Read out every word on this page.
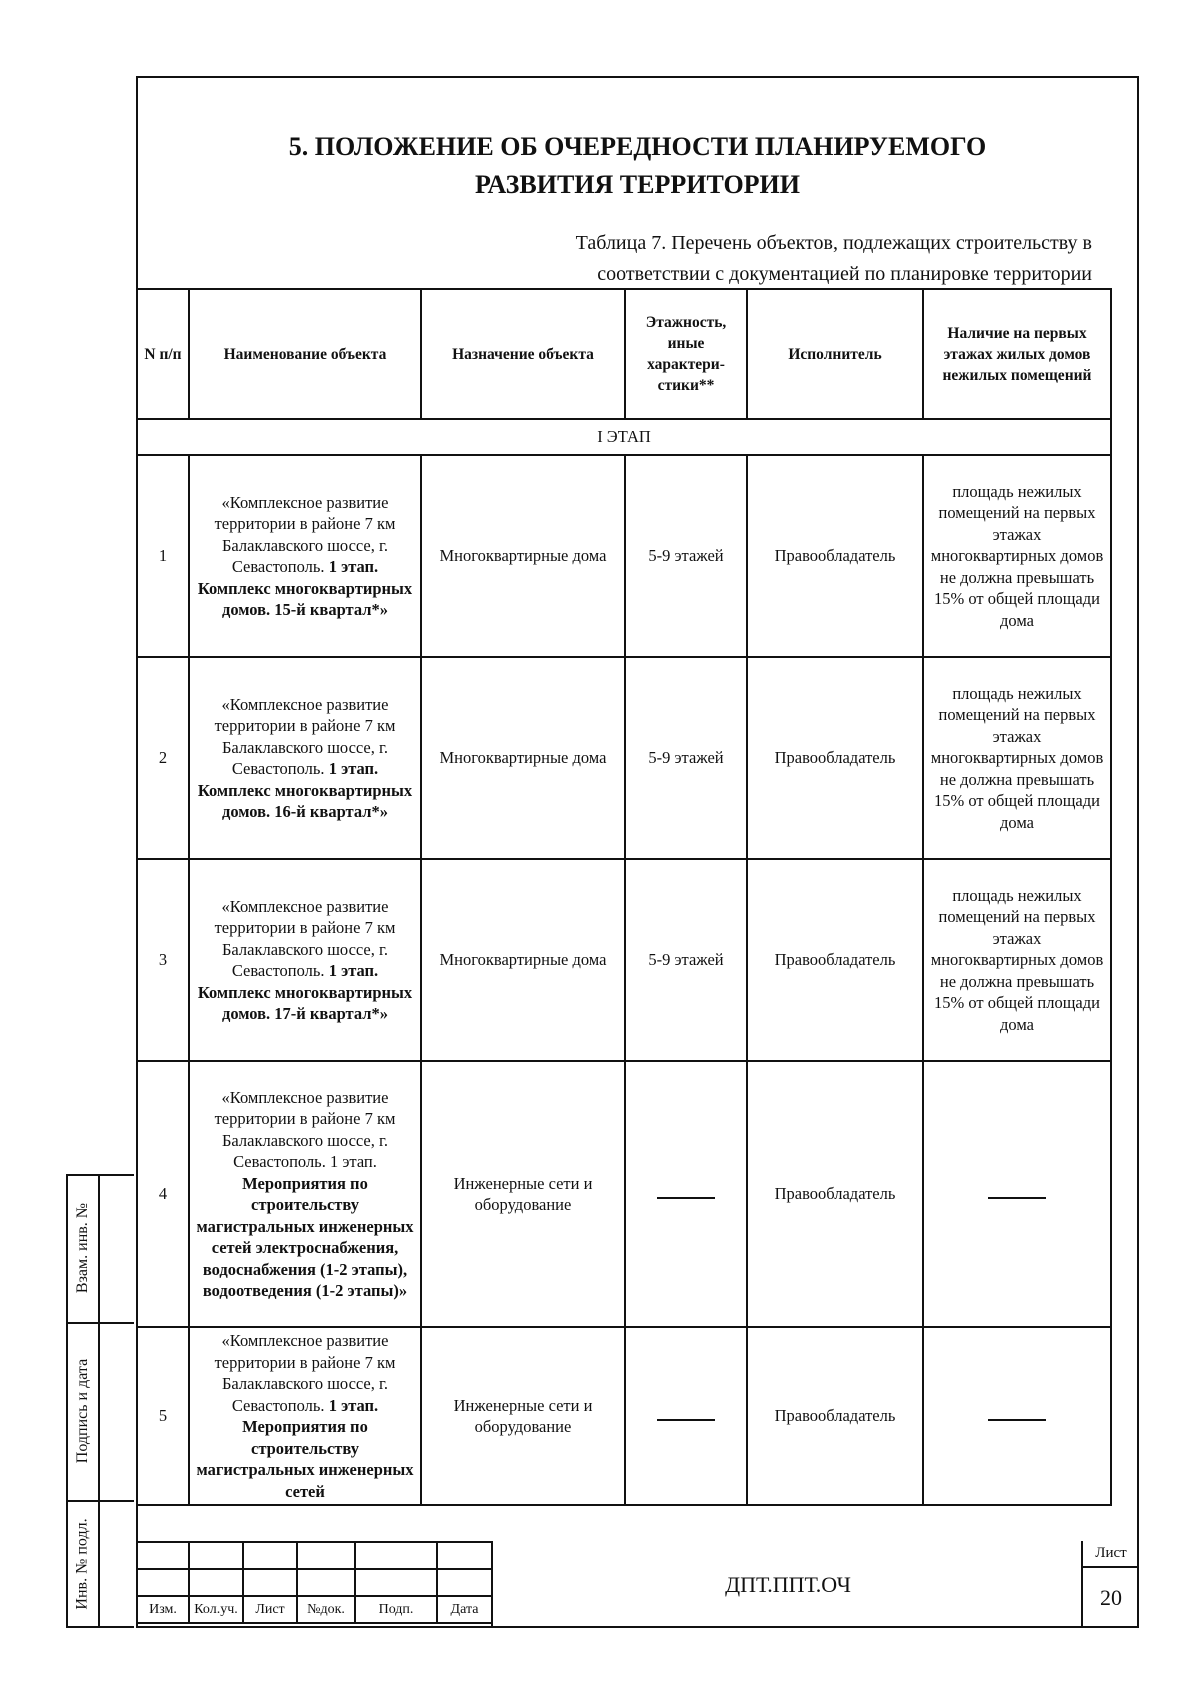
5. ПОЛОЖЕНИЕ ОБ ОЧЕРЕДНОСТИ ПЛАНИРУЕМОГО
РАЗВИТИЯ ТЕРРИТОРИИ
Таблица 7. Перечень объектов, подлежащих строительству в
соответствии с документацией по планировке территории
N п/п	Наименование объекта	Назначение объекта	Этажность, иные характери-стики**	Исполнитель	Наличие на первых этажах жилых домов нежилых помещений
I ЭТАП					
1	«Комплексное развитие территории в районе 7 км Балаклавского шоссе, г. Севастополь. 1 этап. Комплекс многоквартирных домов. 15-й квартал*»	Многоквартирные дома	5-9 этажей	Правообладатель	площадь нежилых помещений на первых этажах многоквартирных домов не должна превышать 15% от общей площади дома
2	«Комплексное развитие территории в районе 7 км Балаклавского шоссе, г. Севастополь. 1 этап. Комплекс многоквартирных домов. 16-й квартал*»	Многоквартирные дома	5-9 этажей	Правообладатель	площадь нежилых помещений на первых этажах многоквартирных домов не должна превышать 15% от общей площади дома
3	«Комплексное развитие территории в районе 7 км Балаклавского шоссе, г. Севастополь. 1 этап. Комплекс многоквартирных домов. 17-й квартал*»	Многоквартирные дома	5-9 этажей	Правообладатель	площадь нежилых помещений на первых этажах многоквартирных домов не должна превышать 15% от общей площади дома
4	«Комплексное развитие территории в районе 7 км Балаклавского шоссе, г. Севастополь. 1 этап. Мероприятия по строительству магистральных инженерных сетей электроснабжения, водоснабжения (1-2 этапы), водоотведения (1-2 этапы)»	Инженерные сети и оборудование		Правообладатель	
5	«Комплексное развитие территории в районе 7 км Балаклавского шоссе, г. Севастополь. 1 этап. Мероприятия по строительству магистральных инженерных сетей	Инженерные сети и оборудование		Правообладатель	
Взам. инв. №
Подпись и дата
Инв. № подл.

						Изм.	Кол.уч.	Лист	№док.	Подп.	Дата
ДПТ.ППТ.ОЧ
Лист
20
